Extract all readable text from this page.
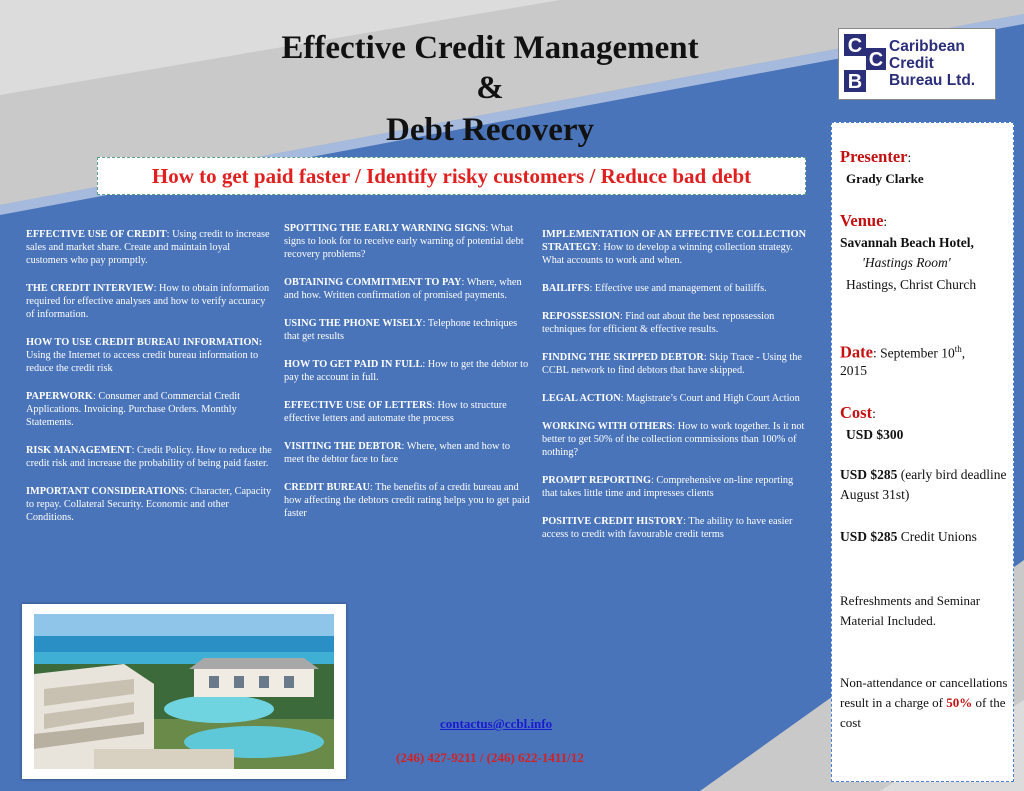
Effective Credit Management
&
Debt Recovery
How to get paid faster / Identify risky customers / Reduce bad debt
C
C
B
Caribbean
Credit
Bureau Ltd.

EFFECTIVE USE OF CREDIT: Using credit to increase sales and market share. Create and maintain loyal customers who pay promptly.

THE CREDIT INTERVIEW: How to obtain information required for effective analyses and how to verify accuracy of information.

HOW TO USE CREDIT BUREAU INFORMATION: Using the Internet to access credit bureau information to reduce the credit risk

PAPERWORK: Consumer and Commercial Credit Applications. Invoicing. Purchase Orders. Monthly Statements.

RISK MANAGEMENT: Credit Policy. How to reduce the credit risk and increase the probability of being paid faster.

IMPORTANT CONSIDERATIONS: Character, Capacity to repay. Collateral Security. Economic and other Conditions.

SPOTTING THE EARLY WARNING SIGNS: What signs to look for to receive early warning of potential debt recovery problems?

OBTAINING COMMITMENT TO PAY: Where, when and how. Written confirmation of promised payments.

USING THE PHONE WISELY: Telephone techniques that get results

HOW TO GET PAID IN FULL: How to get the debtor to pay the account in full.

EFFECTIVE USE OF LETTERS: How to structure effective letters and automate the process

VISITING THE DEBTOR: Where, when and how to meet the debtor face to face

CREDIT BUREAU: The benefits of a credit bureau and how affecting the debtors credit rating helps you to get paid faster

IMPLEMENTATION OF AN EFFECTIVE COLLECTION STRATEGY: How to develop a winning collection strategy. What accounts to work and when.

BAILIFFS: Effective use and management of bailiffs.

REPOSSESSION: Find out about the best repossession techniques for efficient & effective results.

FINDING THE SKIPPED DEBTOR: Skip Trace - Using the CCBL network to find debtors that have skipped.

LEGAL ACTION: Magistrate’s Court and High Court Action

WORKING WITH OTHERS: How to work together. Is it not better to get 50% of the collection commissions than 100% of nothing?

PROMPT REPORTING: Comprehensive on-line reporting that takes little time and impresses clients

POSITIVE CREDIT HISTORY: The ability to have easier access to credit with favourable credit terms

contactus@ccbl.info
(246) 427-9211 / (246) 622-1411/12
Presenter:
Grady Clarke
Venue:
Savannah Beach Hotel,
'Hastings Room'
Hastings, Christ Church
Date: September 10th,
2015
Cost:
USD $300
USD $285 (early bird deadline August 31st)
USD $285 Credit Unions
Refreshments and Seminar Material Included.
Non-attendance or cancellations result in a charge of 50% of the cost
